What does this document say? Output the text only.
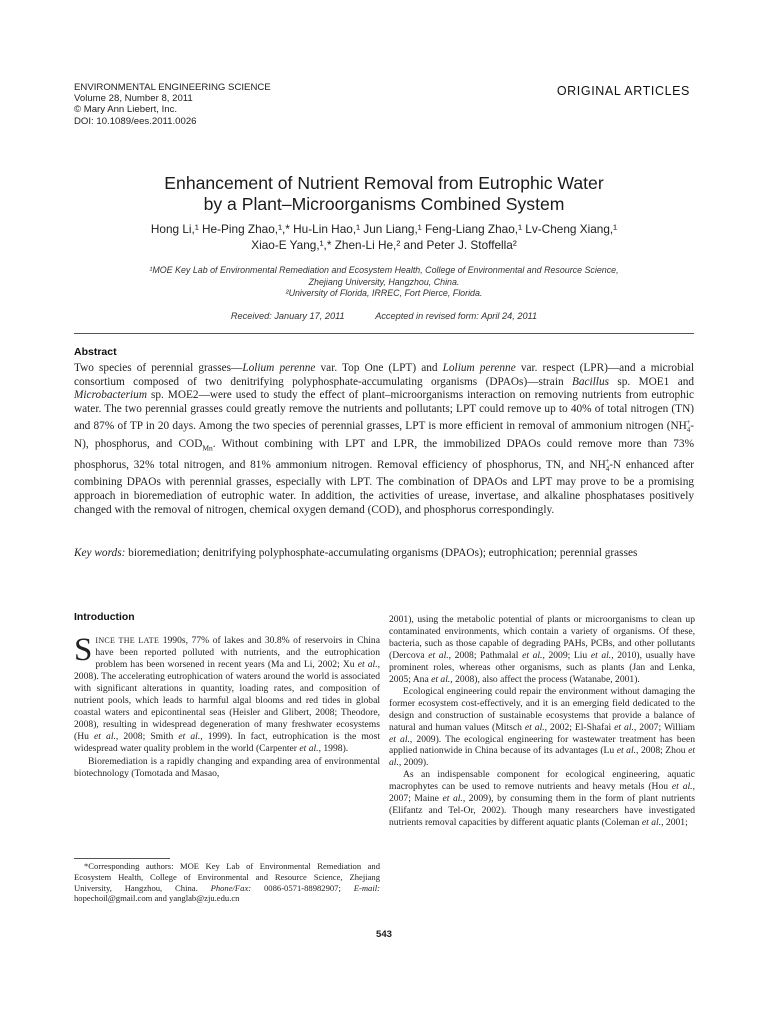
ENVIRONMENTAL ENGINEERING SCIENCE
Volume 28, Number 8, 2011
© Mary Ann Liebert, Inc.
DOI: 10.1089/ees.2011.0026
ORIGINAL ARTICLES
Enhancement of Nutrient Removal from Eutrophic Water
by a Plant–Microorganisms Combined System
Hong Li,¹ He-Ping Zhao,¹,* Hu-Lin Hao,¹ Jun Liang,¹ Feng-Liang Zhao,¹ Lv-Cheng Xiang,¹
Xiao-E Yang,¹,* Zhen-Li He,² and Peter J. Stoffella²
¹MOE Key Lab of Environmental Remediation and Ecosystem Health, College of Environmental and Resource Science,
Zhejiang University, Hangzhou, China.
²University of Florida, IRREC, Fort Pierce, Florida.
Received: January 17, 2011	Accepted in revised form: April 24, 2011
Abstract

Two species of perennial grasses—Lolium perenne var. Top One (LPT) and Lolium perenne var. respect (LPR)—and a microbial consortium composed of two denitrifying polyphosphate-accumulating organisms (DPAOs)—strain Bacillus sp. MOE1 and Microbacterium sp. MOE2—were used to study the effect of plant–microorganisms interaction on removing nutrients from eutrophic water. The two perennial grasses could greatly remove the nutrients and pollutants; LPT could remove up to 40% of total nitrogen (TN) and 87% of TP in 20 days. Among the two species of perennial grasses, LPT is more efficient in removal of ammonium nitrogen $(NH_4^+-N)$, phosphorus, and $COD_{Mn}$. Without combining with LPT and LPR, the immobilized DPAOs could remove more than 73% phosphorus, 32% total nitrogen, and 81% ammonium nitrogen. Removal efficiency of phosphorus, TN, and $NH_4^+-N$ enhanced after combining DPAOs with perennial grasses, especially with LPT. The combination of DPAOs and LPT may prove to be a promising approach in bioremediation of eutrophic water. In addition, the activities of urease, invertase, and alkaline phosphatases positively changed with the removal of nitrogen, chemical oxygen demand (COD), and phosphorus correspondingly.

Key words: bioremediation; denitrifying polyphosphate-accumulating organisms (DPAOs); eutrophication; perennial grasses

Introduction

SINCE THE LATE 1990s, 77% of lakes and 30.8% of reservoirs in China have been reported polluted with nutrients, and the eutrophication problem has been worsened in recent years (Ma and Li, 2002; Xu et al., 2008). The accelerating eutrophication of waters around the world is associated with significant alterations in quantity, loading rates, and composition of nutrient pools, which leads to harmful algal blooms and red tides in global coastal waters and epicontinental seas (Heisler and Glibert, 2008; Theodore, 2008), resulting in widespread degeneration of many freshwater ecosystems (Hu et al., 2008; Smith et al., 1999). In fact, eutrophication is the most widespread water quality problem in the world (Carpenter et al., 1998).

Bioremediation is a rapidly changing and expanding area of environmental biotechnology (Tomotada and Masao,

2001), using the metabolic potential of plants or microorganisms to clean up contaminated environments, which contain a variety of organisms. Of these, bacteria, such as those capable of degrading PAHs, PCBs, and other pollutants (Dercova et al., 2008; Pathmalal et al., 2009; Liu et al., 2010), usually have prominent roles, whereas other organisms, such as plants (Jan and Lenka, 2005; Ana et al., 2008), also affect the process (Watanabe, 2001).

Ecological engineering could repair the environment without damaging the former ecosystem cost-effectively, and it is an emerging field dedicated to the design and construction of sustainable ecosystems that provide a balance of natural and human values (Mitsch et al., 2002; El-Shafai et al., 2007; William et al., 2009). The ecological engineering for wastewater treatment has been applied nationwide in China because of its advantages (Lu et al., 2008; Zhou et al., 2009).

As an indispensable component for ecological engineering, aquatic macrophytes can be used to remove nutrients and heavy metals (Hou et al., 2007; Maine et al., 2009), by consuming them in the form of plant nutrients (Elifantz and Tel-Or, 2002). Though many researchers have investigated nutrients removal capacities by different aquatic plants (Coleman et al., 2001;

*Corresponding authors: MOE Key Lab of Environmental Remediation and Ecosystem Health, College of Environmental and Resource Science, Zhejiang University, Hangzhou, China. Phone/Fax: 0086-0571-88982907; E-mail: hopechoil@gmail.com and yanglab@zju.edu.cn

543
